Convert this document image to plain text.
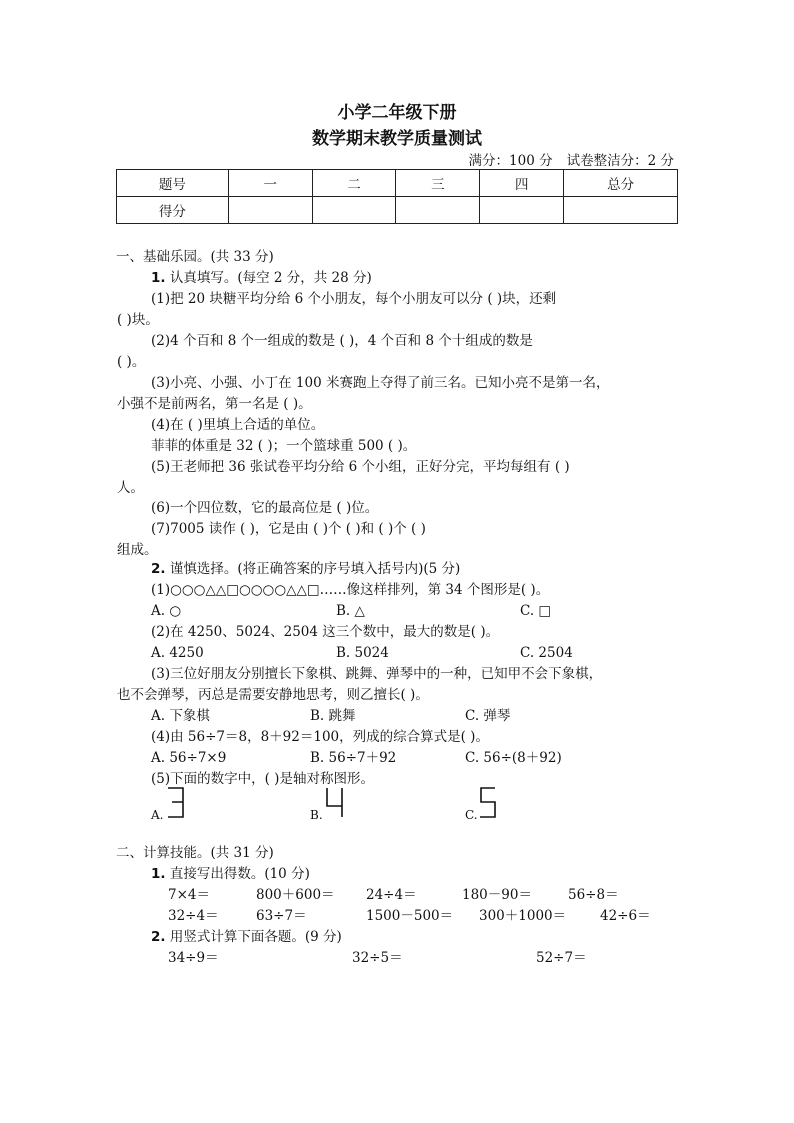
小学二年级下册
数学期末教学质量测试
满分：100 分 试卷整洁分：2 分
题号	一	二	三	四	总分
得分					
一、基础乐园。(共 33 分)
1. 认真填写。(每空 2 分，共 28 分)
(1)把 20 块糖平均分给 6 个小朋友，每个小朋友可以分 ( )块，还剩
( )块。
(2)4 个百和 8 个一组成的数是 ( )，4 个百和 8 个十组成的数是
( )。
(3)小亮、小强、小丁在 100 米赛跑上夺得了前三名。已知小亮不是第一名，
小强不是前两名，第一名是 ( )。
(4)在 ( )里填上合适的单位。
菲菲的体重是 32 ( )；一个篮球重 500 ( )。
(5)王老师把 36 张试卷平均分给 6 个小组，正好分完，平均每组有 ( )
人。
(6)一个四位数，它的最高位是 ( )位。
(7)7005 读作 ( )，它是由 ( )个 ( )和 ( )个 ( )
组成。
2. 谨慎选择。(将正确答案的序号填入括号内)(5 分)
(1)○○○△△□○○○○△△□……像这样排列，第 34 个图形是( )。
A. ○	B. △	C. □
(2)在 4250、5024、2504 这三个数中，最大的数是( )。
A. 4250	B. 5024	C. 2504
(3)三位好朋友分别擅长下象棋、跳舞、弹琴中的一种，已知甲不会下象棋，
也不会弹琴，丙总是需要安静地思考，则乙擅长( )。
A. 下象棋	B. 跳舞	C. 弹琴
(4)由 56÷7＝8，8＋92＝100，列成的综合算式是( )。
A. 56÷7×9	B. 56÷7＋92	C. 56÷(8＋92)
(5)下面的数字中，( )是轴对称图形。
A.	B.	C.
二、计算技能。(共 31 分)
1. 直接写出得数。(10 分)
7×4＝	800＋600＝ 24÷4＝	180－90＝	56÷8＝
32÷4＝	63÷7＝	1500－500＝ 300＋1000＝	42÷6＝
2. 用竖式计算下面各题。(9 分)
34÷9＝	32÷5＝	52÷7＝
